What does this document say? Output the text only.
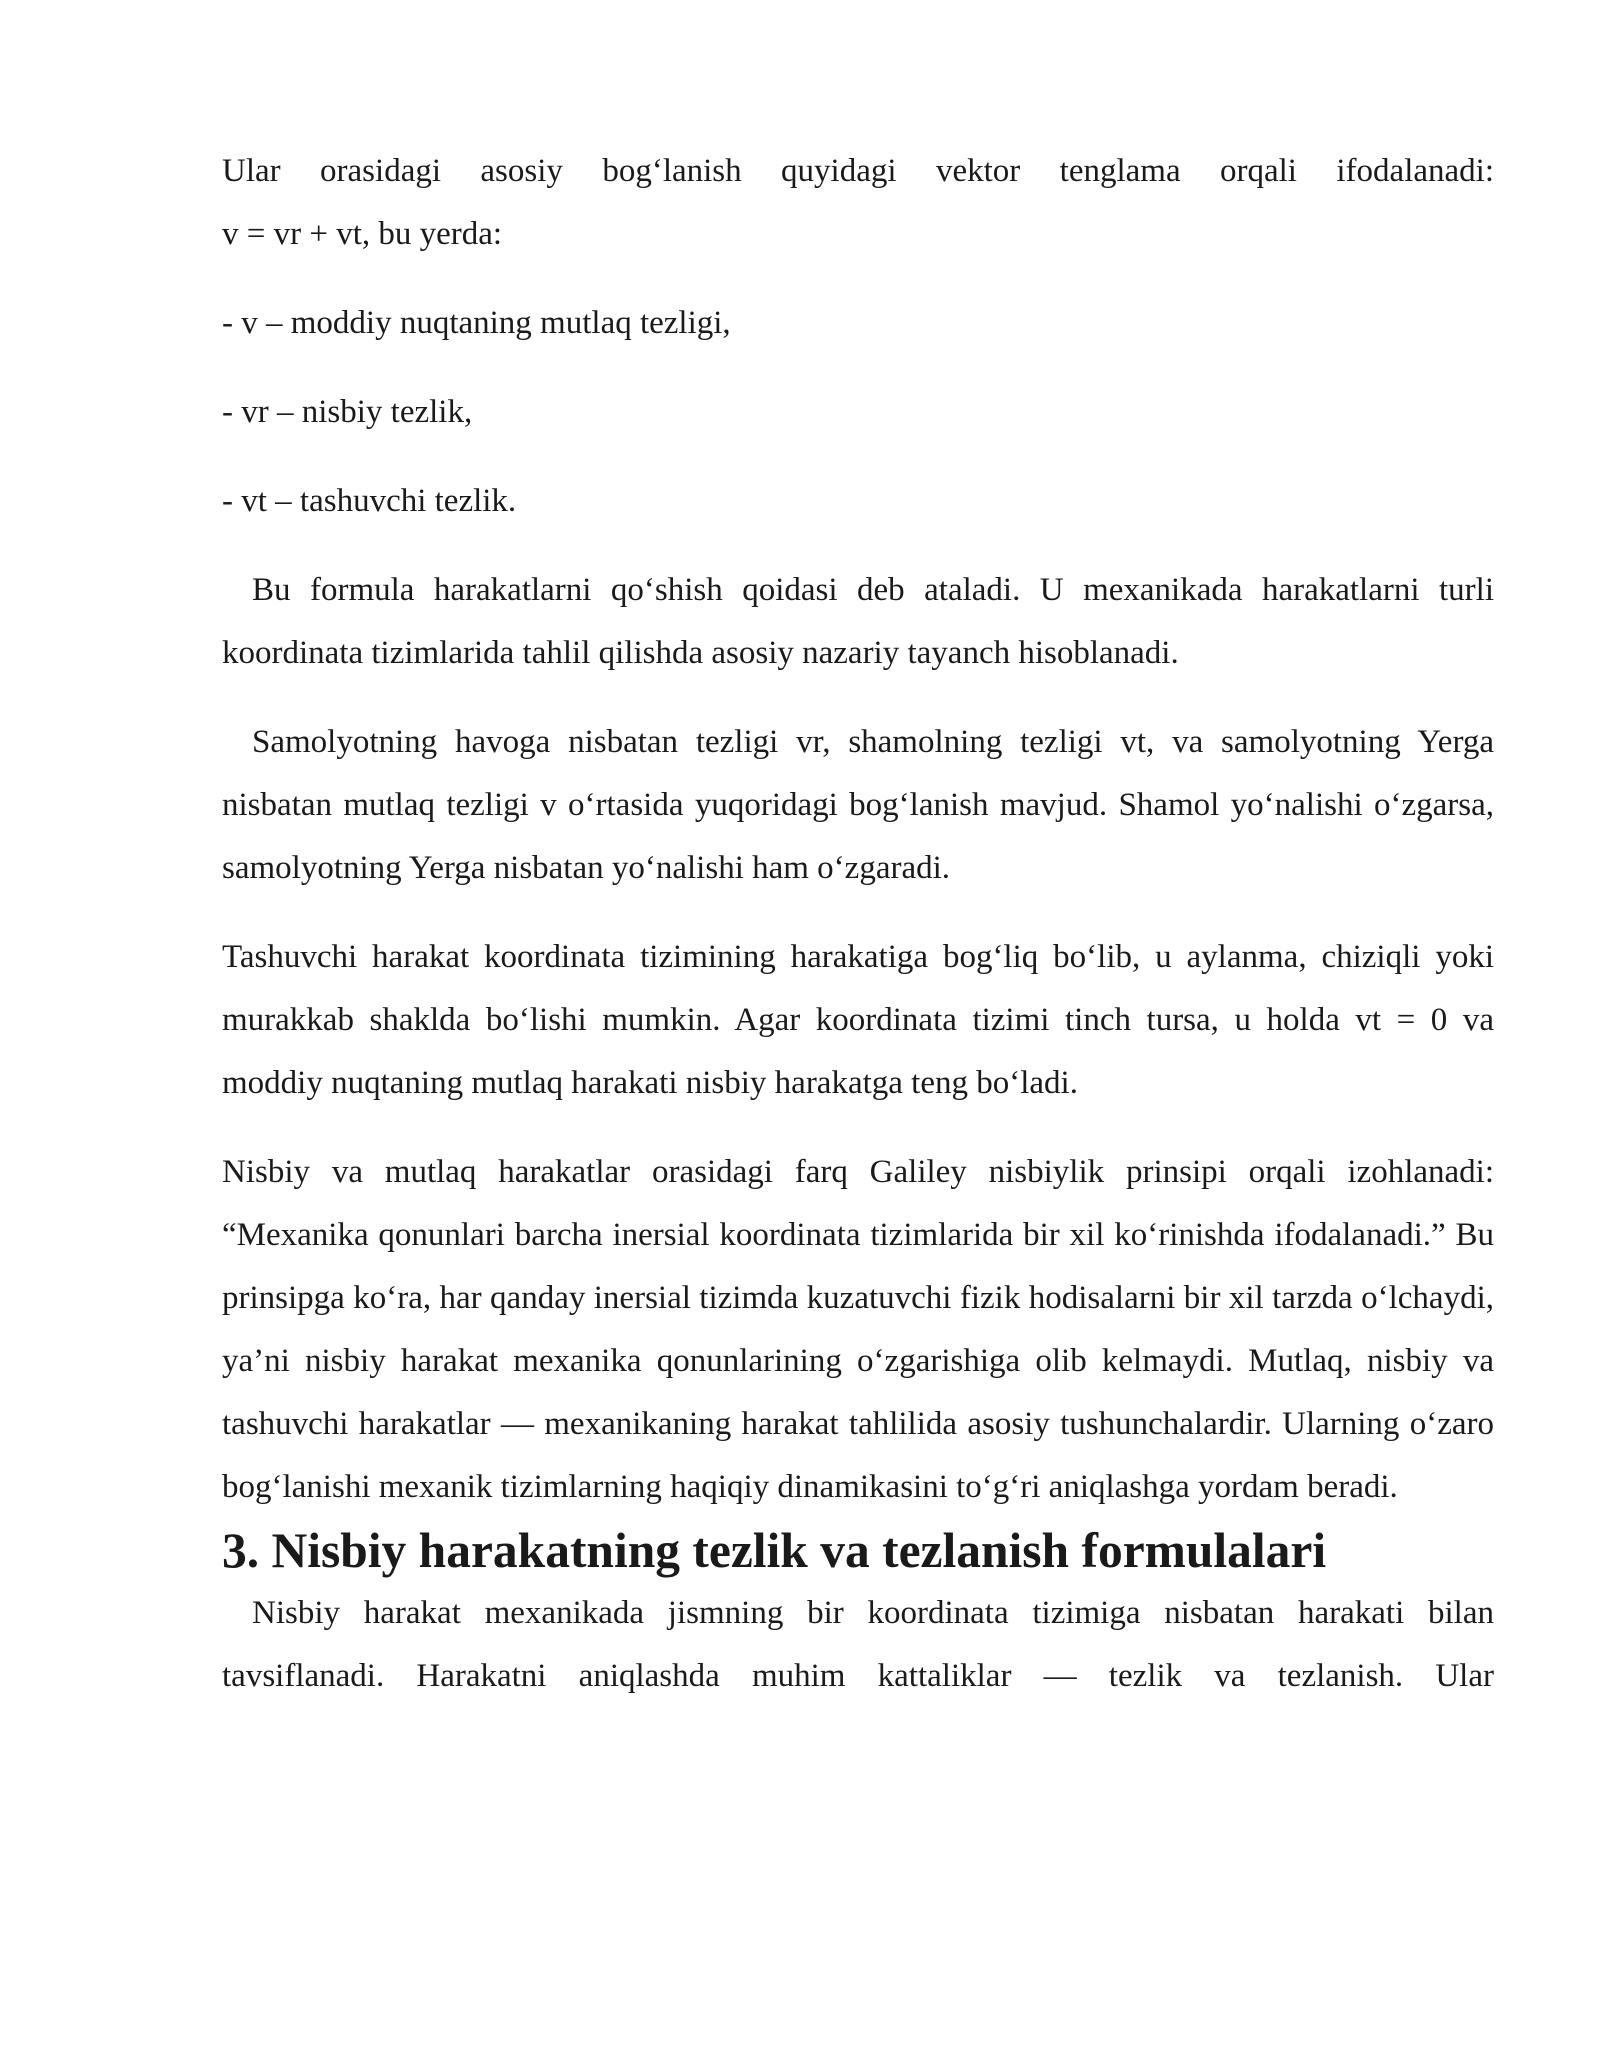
Ular orasidagi asosiy bog‘lanish quyidagi vektor tenglama orqali ifodalanadi:

v = vr + vt, bu yerda:

- v – moddiy nuqtaning mutlaq tezligi,

- vr – nisbiy tezlik,

- vt – tashuvchi tezlik.

Bu formula harakatlarni qo‘shish qoidasi deb ataladi. U mexanikada harakatlarni turli koordinata tizimlarida tahlil qilishda asosiy nazariy tayanch hisoblanadi.

Samolyotning havoga nisbatan tezligi vr, shamolning tezligi vt, va samolyotning Yerga nisbatan mutlaq tezligi v o‘rtasida yuqoridagi bog‘lanish mavjud. Shamol yo‘nalishi o‘zgarsa, samolyotning Yerga nisbatan yo‘nalishi ham o‘zgaradi.

Tashuvchi harakat koordinata tizimining harakatiga bog‘liq bo‘lib, u aylanma, chiziqli yoki murakkab shaklda bo‘lishi mumkin. Agar koordinata tizimi tinch tursa, u holda vt = 0 va moddiy nuqtaning mutlaq harakati nisbiy harakatga teng bo‘ladi.

Nisbiy va mutlaq harakatlar orasidagi farq Galiley nisbiylik prinsipi orqali izohlanadi: “Mexanika qonunlari barcha inersial koordinata tizimlarida bir xil ko‘rinishda ifodalanadi.” Bu prinsipga ko‘ra, har qanday inersial tizimda kuzatuvchi fizik hodisalarni bir xil tarzda o‘lchaydi, ya’ni nisbiy harakat mexanika qonunlarining o‘zgarishiga olib kelmaydi. Mutlaq, nisbiy va tashuvchi harakatlar — mexanikaning harakat tahlilida asosiy tushunchalardir. Ularning o‘zaro bog‘lanishi mexanik tizimlarning haqiqiy dinamikasini to‘g‘ri aniqlashga yordam beradi.

3. Nisbiy harakatning tezlik va tezlanish formulalari

Nisbiy harakat mexanikada jismning bir koordinata tizimiga nisbatan harakati bilan tavsiflanadi. Harakatni aniqlashda muhim kattaliklar — tezlik va tezlanish. Ular
